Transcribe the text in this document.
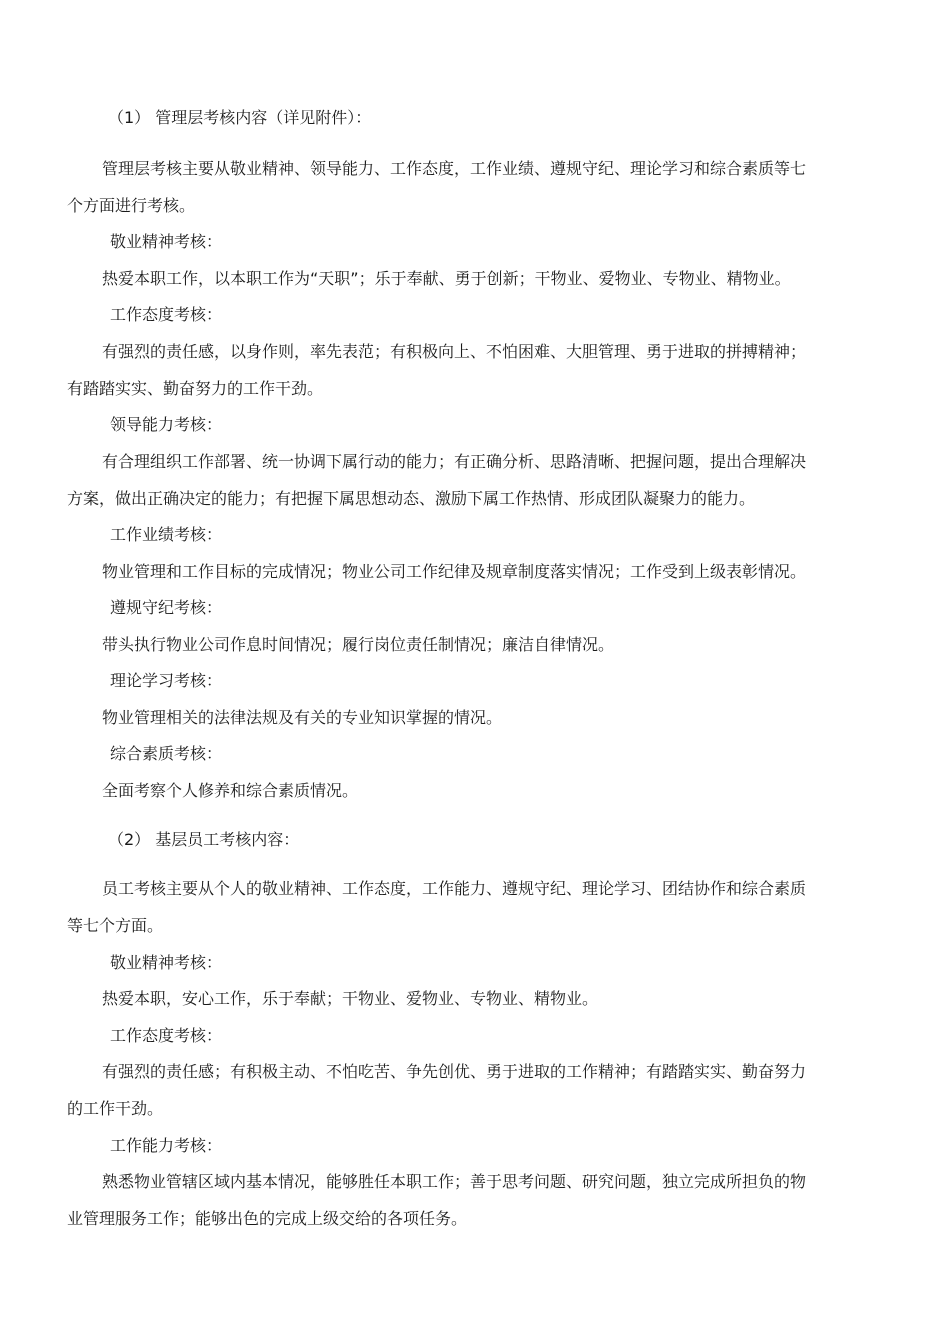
（1） 管理层考核内容（详见附件）：
管理层考核主要从敬业精神、领导能力、工作态度，工作业绩、遵规守纪、理论学习和综合素质等七
个方面进行考核。
敬业精神考核：
热爱本职工作，以本职工作为“天职”；乐于奉献、勇于创新；干物业、爱物业、专物业、精物业。
工作态度考核：
有强烈的责任感，以身作则，率先表范；有积极向上、不怕困难、大胆管理、勇于进取的拼搏精神；
有踏踏实实、勤奋努力的工作干劲。
领导能力考核：
有合理组织工作部署、统一协调下属行动的能力；有正确分析、思路清晰、把握问题，提出合理解决
方案，做出正确决定的能力；有把握下属思想动态、激励下属工作热情、形成团队凝聚力的能力。
工作业绩考核：
物业管理和工作目标的完成情况；物业公司工作纪律及规章制度落实情况；工作受到上级表彰情况。
遵规守纪考核：
带头执行物业公司作息时间情况；履行岗位责任制情况；廉洁自律情况。
理论学习考核：
物业管理相关的法律法规及有关的专业知识掌握的情况。
综合素质考核：
全面考察个人修养和综合素质情况。
（2） 基层员工考核内容：
员工考核主要从个人的敬业精神、工作态度，工作能力、遵规守纪、理论学习、团结协作和综合素质
等七个方面。
敬业精神考核：
热爱本职，安心工作，乐于奉献；干物业、爱物业、专物业、精物业。
工作态度考核：
有强烈的责任感；有积极主动、不怕吃苦、争先创优、勇于进取的工作精神；有踏踏实实、勤奋努力
的工作干劲。
工作能力考核：
熟悉物业管辖区域内基本情况，能够胜任本职工作；善于思考问题、研究问题，独立完成所担负的物
业管理服务工作；能够出色的完成上级交给的各项任务。
